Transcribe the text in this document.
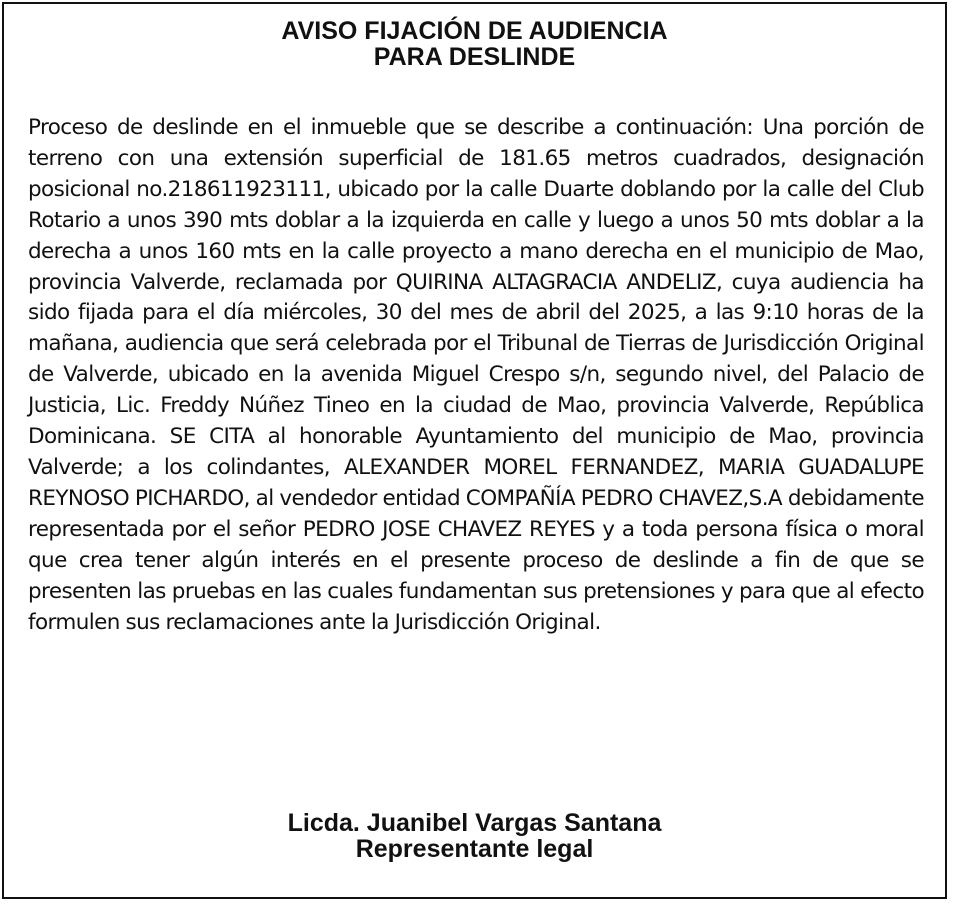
AVISO FIJACIÓN DE AUDIENCIA
PARA DESLINDE

Proceso de deslinde en el inmueble que se describe a continuación: Una porción de terreno con una extensión superficial de 181.65 metros cuadrados, designación posicional no.218611923111, ubicado por la calle Duarte doblando por la calle del Club Rotario a unos 390 mts doblar a la izquierda en calle y luego a unos 50 mts doblar a la derecha a unos 160 mts en la calle proyecto a mano derecha en el municipio de Mao, provincia Valverde, reclamada por QUIRINA ALTAGRACIA ANDELIZ, cuya audiencia ha sido fijada para el día miércoles, 30 del mes de abril del 2025, a las 9:10 horas de la mañana, audiencia que será celebrada por el Tribunal de Tierras de Jurisdicción Original de Valverde, ubicado en la avenida Miguel Crespo s/n, segundo nivel, del Palacio de Justicia, Lic. Freddy Núñez Tineo en la ciudad de Mao, provincia Valverde, República Dominicana. SE CITA al honorable Ayuntamiento del municipio de Mao, provincia Valverde; a los colindantes, ALEXANDER MOREL FERNANDEZ, MARIA GUADALUPE REYNOSO PICHARDO, al vendedor entidad COMPAÑÍA PEDRO CHAVEZ,S.A debidamente representada por el señor PEDRO JOSE CHAVEZ REYES y a toda persona física o moral que crea tener algún interés en el presente proceso de deslinde a fin de que se presenten las pruebas en las cuales fundamentan sus pretensiones y para que al efecto formulen sus reclamaciones ante la Jurisdicción Original.

Licda. Juanibel Vargas Santana
Representante legal
